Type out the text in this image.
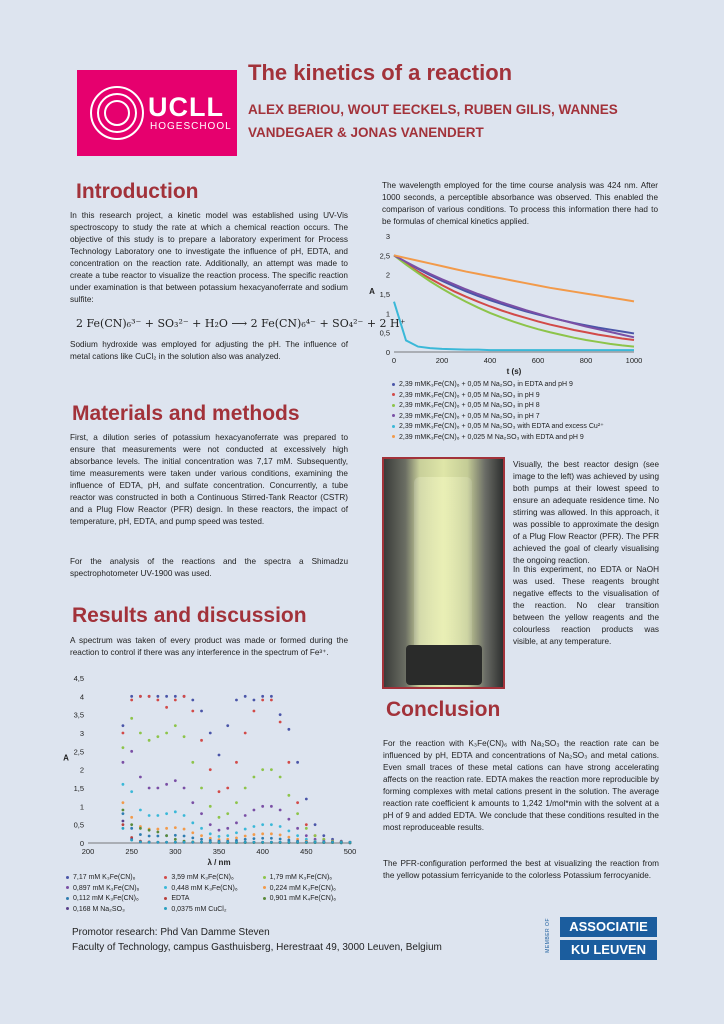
UCLL
HOGESCHOOL
The kinetics of a reaction
ALEX BERIOU, WOUT EECKELS, RUBEN GILIS, WANNES VANDEGAER & JONAS VANENDERT
Introduction
In this research project, a kinetic model was established using UV-Vis spectroscopy to study the rate at which a chemical reaction occurs. The objective of this study is to prepare a laboratory experiment for Process Technology Laboratory one to investigate the influence of pH, EDTA, and concentration on the reaction rate. Additionally, an attempt was made to create a tube reactor to visualize the reaction process. The specific reaction under examination is that between potassium hexacyanoferrate and sodium sulfite:
2 Fe(CN)₆³⁻ + SO₃²⁻ + H₂O ⟶ 2 Fe(CN)₆⁴⁻ + SO₄²⁻ + 2 H⁺
Sodium hydroxide was employed for adjusting the pH. The influence of metal cations like CuCl₂ in the solution also was analyzed.
Materials and methods
First, a dilution series of potassium hexacyanoferrate was prepared to ensure that measurements were not conducted at excessively high absorbance levels. The initial concentration was 7,17 mM. Subsequently, time measurements were taken under various conditions, examining the influence of EDTA, pH, and sulfate concentration. Concurrently, a tube reactor was constructed in both a Continuous Stirred-Tank Reactor (CSTR) and a Plug Flow Reactor (PFR) design. In these reactors, the impact of temperature, pH, EDTA, and pump speed was tested.
For the analysis of the reactions and the spectra a Shimadzu spectrophotometer UV-1900 was used.
Results and discussion
A spectrum was taken of every product was made or formed during the reaction to control if there was any interference in the spectrum of Fe³⁺.
200	250	300	350	400	450	500
0
0,5
1
1,5
2
2,5
3
3,5
4
4,5
λ / nm
A
7,17 mM K₃Fe(CN)₆	3,59 mM K₃Fe(CN)₆	1,79 mM K₃Fe(CN)₆
0,897 mM K₃Fe(CN)₆	0,448 mM K₃Fe(CN)₆	0,224 mM K₃Fe(CN)₆
0,112 mM K₃Fe(CN)₆	EDTA	0,901 mM K₄Fe(CN)₆
0,168 M Na₂SO₃	0,0375 mM CuCl₂
The wavelength employed for the time course analysis was 424 nm. After 1000 seconds, a perceptible absorbance was observed. This enabled the comparison of various conditions. To process this information there had to be formulas of chemical kinetics applied.
0	200	400	600	800	1000
0
0,5
1
1,5
2
2,5
3
t (s)
A
2,39 mMK₃Fe(CN)₆ + 0,05 M Na₂SO₃ in EDTA and pH 9
2,39 mMK₃Fe(CN)₆ + 0,05 M Na₂SO₃ in pH 9
2,39 mMK₃Fe(CN)₆ + 0,05 M Na₂SO₃ in pH 8
2,39 mMK₃Fe(CN)₆ + 0,05 M Na₂SO₃ in pH 7
2,39 mMK₃Fe(CN)₆ + 0,05 M Na₂SO₃ with EDTA and excess Cu²⁺
2,39 mMK₃Fe(CN)₆ + 0,025 M Na₂SO₃ with EDTA and pH 9
Visually, the best reactor design (see image to the left) was achieved by using both pumps at their lowest speed to ensure an adequate residence time. No stirring was allowed. In this approach, it was possible to approximate the design of a Plug Flow Reactor (PFR). The PFR achieved the goal of clearly visualising the ongoing reaction.
In this experiment, no EDTA or NaOH was used. These reagents brought negative effects to the visualisation of the reaction. No clear transition between the yellow reagents and the colourless reaction products was visible, at any temperature.
Conclusion
For the reaction with K₃Fe(CN)₆ with Na₂SO₃ the reaction rate can be influenced by pH, EDTA and concentrations of Na₂SO₃ and metal cations. Even small traces of these metal cations can have strong accelerating affects on the reaction rate. EDTA makes the reaction more reproducible by forming complexes with metal cations present in the solution. The average reaction rate coefficient k amounts to 1,242 1/mol*min with the solvent at a pH of 9 and added EDTA. We conclude that these conditions resulted in the most reproduceable results.
The PFR-configuration performed the best at visualizing the reaction from the yellow potassium ferricyanide to the colorless Potassium ferrocyanide.
Promotor research: Phd Van Damme Steven
Faculty of Technology, campus Gasthuisberg, Herestraat 49, 3000 Leuven, Belgium	MEMBER OF	ASSOCIATIE
KU LEUVEN
